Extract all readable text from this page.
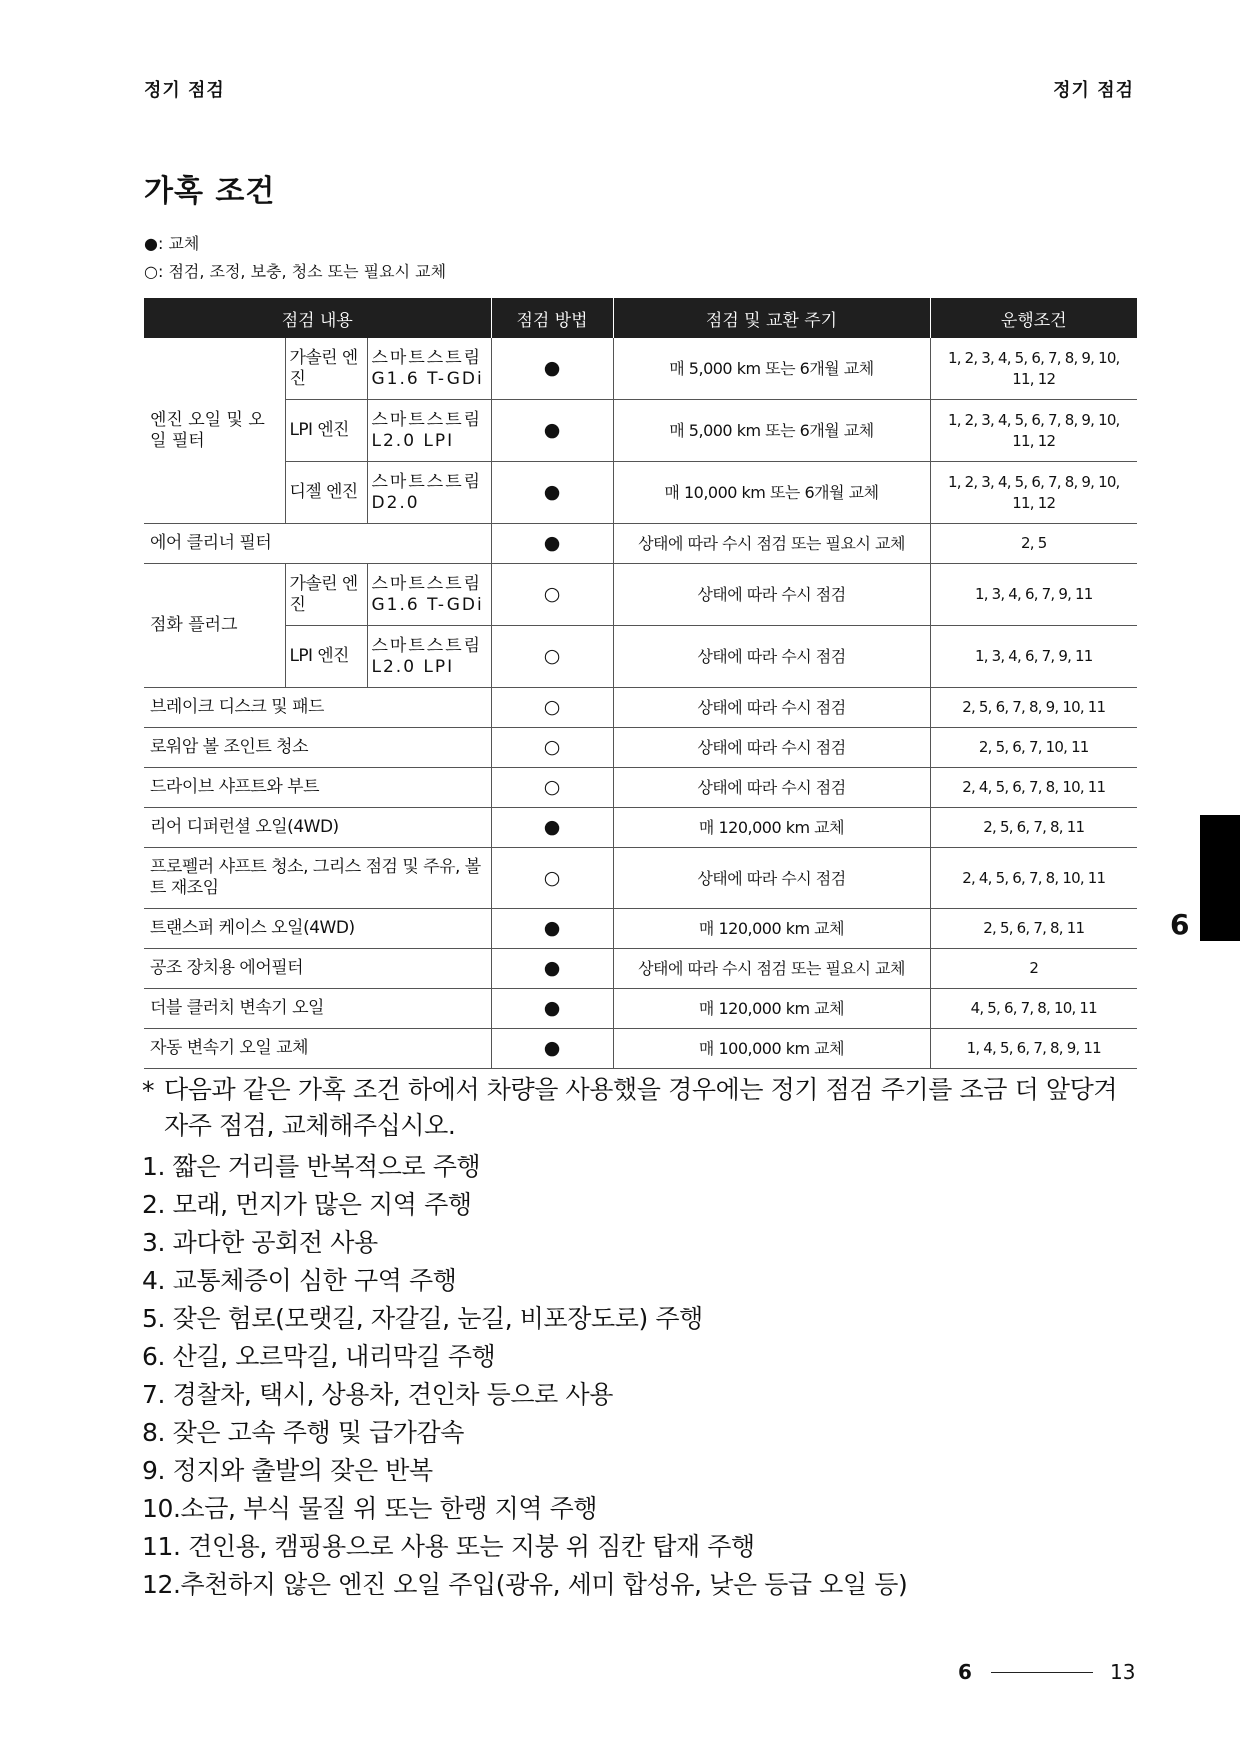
정기 점검	정기 점검
가혹 조건
●: 교체
○: 점검, 조정, 보충, 청소 또는 필요시 교체
점검 내용			점검 방법	점검 및 교환 주기	운행조건
엔진 오일 및 오일 필터	가솔린 엔진	스마트스트림 G1.6 T-GDi	●	매 5,000 km 또는 6개월 교체	1, 2, 3, 4, 5, 6, 7, 8, 9, 10, 11, 12
	LPI 엔진	스마트스트림 L2.0 LPI	●	매 5,000 km 또는 6개월 교체	1, 2, 3, 4, 5, 6, 7, 8, 9, 10, 11, 12
	디젤 엔진	스마트스트림 D2.0	●	매 10,000 km 또는 6개월 교체	1, 2, 3, 4, 5, 6, 7, 8, 9, 10, 11, 12
에어 클리너 필터			●	상태에 따라 수시 점검 또는 필요시 교체	2, 5
점화 플러그	가솔린 엔진	스마트스트림 G1.6 T-GDi	○	상태에 따라 수시 점검	1, 3, 4, 6, 7, 9, 11
	LPI 엔진	스마트스트림 L2.0 LPI	○	상태에 따라 수시 점검	1, 3, 4, 6, 7, 9, 11
브레이크 디스크 및 패드			○	상태에 따라 수시 점검	2, 5, 6, 7, 8, 9, 10, 11
로워암 볼 조인트 청소			○	상태에 따라 수시 점검	2, 5, 6, 7, 10, 11
드라이브 샤프트와 부트			○	상태에 따라 수시 점검	2, 4, 5, 6, 7, 8, 10, 11
리어 디퍼런셜 오일(4WD)			●	매 120,000 km 교체	2, 5, 6, 7, 8, 11
프로펠러 샤프트 청소, 그리스 점검 및 주유, 볼트 재조임			○	상태에 따라 수시 점검	2, 4, 5, 6, 7, 8, 10, 11
트랜스퍼 케이스 오일(4WD)			●	매 120,000 km 교체	2, 5, 6, 7, 8, 11
공조 장치용 에어필터			●	상태에 따라 수시 점검 또는 필요시 교체	2
더블 클러치 변속기 오일			●	매 120,000 km 교체	4, 5, 6, 7, 8, 10, 11
자동 변속기 오일 교체			●	매 100,000 km 교체	1, 4, 5, 6, 7, 8, 9, 11
* 다음과 같은 가혹 조건 하에서 차량을 사용했을 경우에는 정기 점검 주기를 조금 더 앞당겨 자주 점검, 교체해주십시오.
1. 짧은 거리를 반복적으로 주행
2. 모래, 먼지가 많은 지역 주행
3. 과다한 공회전 사용
4. 교통체증이 심한 구역 주행
5. 잦은 험로(모랫길, 자갈길, 눈길, 비포장도로) 주행
6. 산길, 오르막길, 내리막길 주행
7. 경찰차, 택시, 상용차, 견인차 등으로 사용
8. 잦은 고속 주행 및 급가감속
9. 정지와 출발의 잦은 반복
10.소금, 부식 물질 위 또는 한랭 지역 주행
11. 견인용, 캠핑용으로 사용 또는 지붕 위 짐칸 탑재 주행
12.추천하지 않은 엔진 오일 주입(광유, 세미 합성유, 낮은 등급 오일 등)
6
6	13
